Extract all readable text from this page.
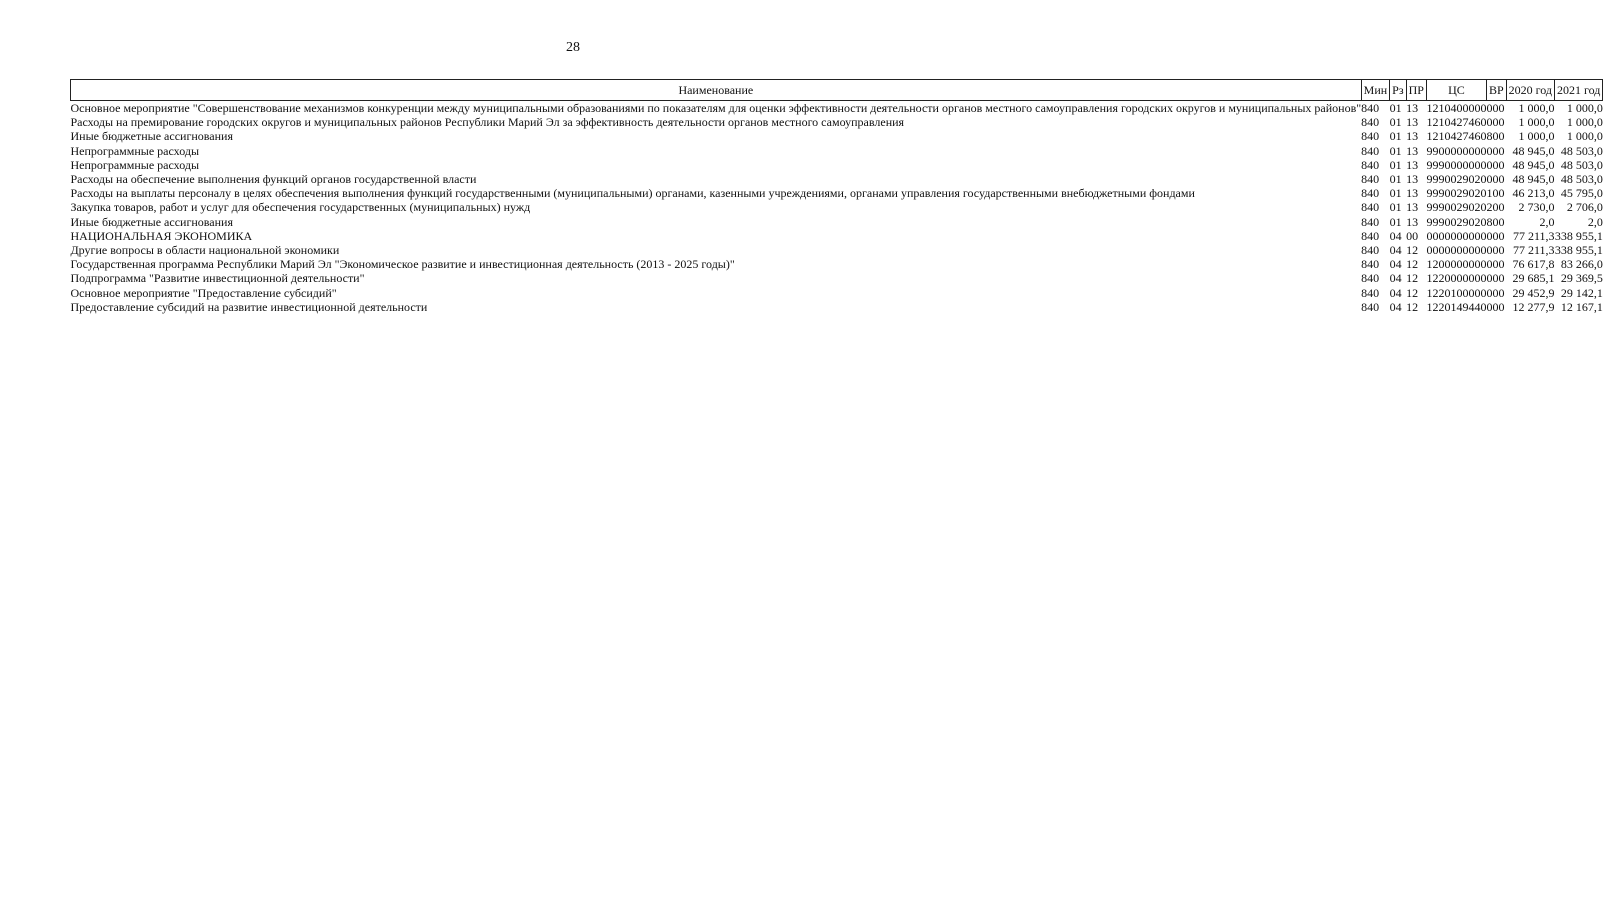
28
Наименование	Мин	Рз	ПР	ЦС	ВР	2020 год	2021 год
Основное мероприятие "Совершенствование механизмов конкуренции между муниципальными образованиями по показателям для оценки эффективности деятельности органов местного самоуправления городских округов и муниципальных районов"	840	01	13	1210400000	000	1 000,0	1 000,0
Расходы на премирование городских округов и муниципальных районов Республики Марий Эл за эффективность деятельности органов местного самоуправления	840	01	13	1210427460	000	1 000,0	1 000,0
Иные бюджетные ассигнования	840	01	13	1210427460	800	1 000,0	1 000,0
Непрограммные расходы	840	01	13	9900000000	000	48 945,0	48 503,0
Непрограммные расходы	840	01	13	9990000000	000	48 945,0	48 503,0
Расходы на обеспечение выполнения функций органов государственной власти	840	01	13	9990029020	000	48 945,0	48 503,0
Расходы на выплаты персоналу в целях обеспечения выполнения функций государственными (муниципальными) органами, казенными учреждениями, органами управления государственными внебюджетными фондами	840	01	13	9990029020	100	46 213,0	45 795,0
Закупка товаров, работ и услуг для обеспечения государственных (муниципальных) нужд	840	01	13	9990029020	200	2 730,0	2 706,0
Иные бюджетные ассигнования	840	01	13	9990029020	800	2,0	2,0
НАЦИОНАЛЬНАЯ ЭКОНОМИКА	840	04	00	0000000000	000	77 211,3	338 955,1
Другие вопросы в области национальной экономики	840	04	12	0000000000	000	77 211,3	338 955,1
Государственная программа Республики Марий Эл "Экономическое развитие и инвестиционная деятельность (2013 - 2025 годы)"	840	04	12	1200000000	000	76 617,8	83 266,0
Подпрограмма "Развитие инвестиционной деятельности"	840	04	12	1220000000	000	29 685,1	29 369,5
Основное мероприятие "Предоставление субсидий"	840	04	12	1220100000	000	29 452,9	29 142,1
Предоставление субсидий на развитие инвестиционной деятельности	840	04	12	1220149440	000	12 277,9	12 167,1
